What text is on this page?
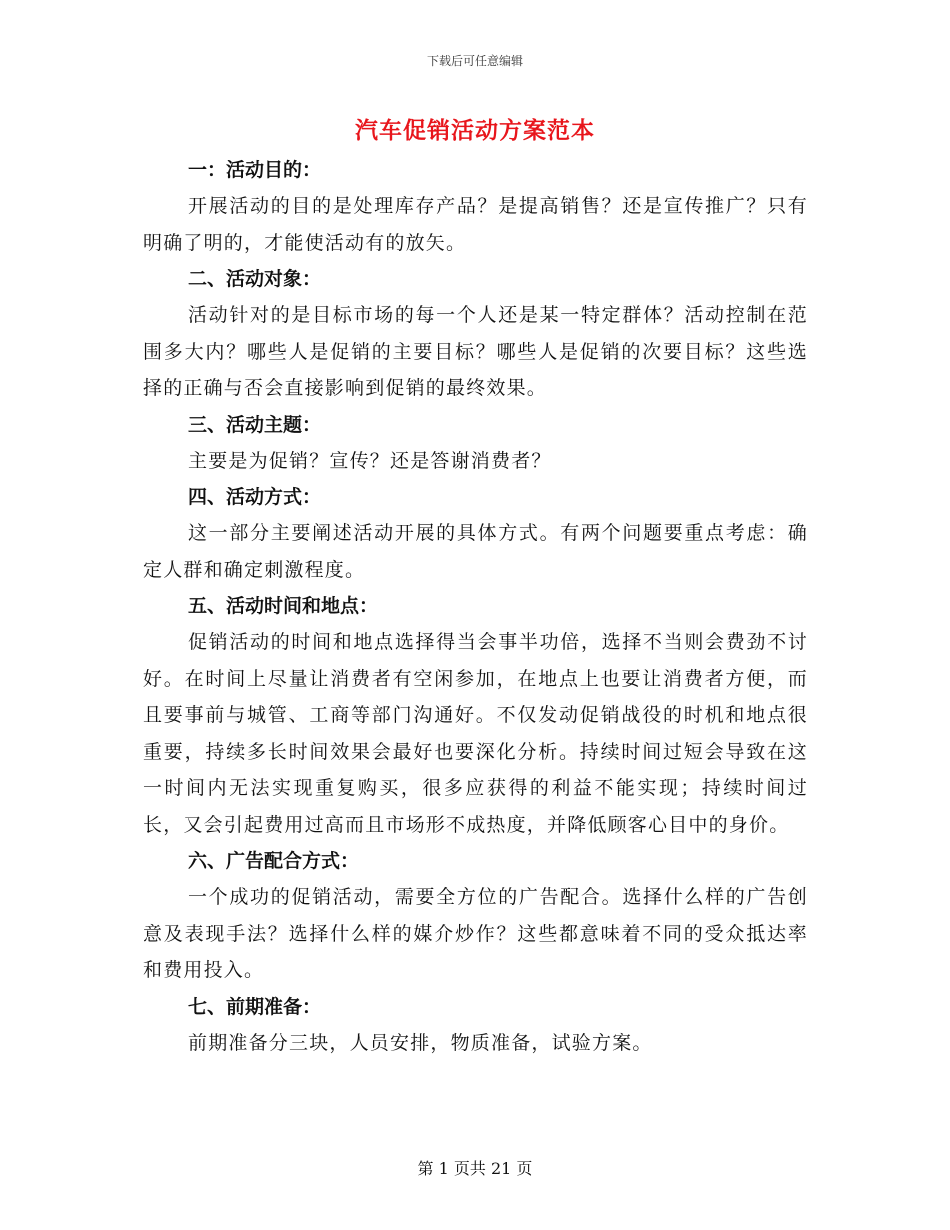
下载后可任意编辑
汽车促销活动方案范本

一：活动目的：

开展活动的目的是处理库存产品？是提高销售？还是宣传推广？只有明确了明的，才能使活动有的放矢。

二、活动对象：

活动针对的是目标市场的每一个人还是某一特定群体？活动控制在范围多大内？哪些人是促销的主要目标？哪些人是促销的次要目标？这些选择的正确与否会直接影响到促销的最终效果。

三、活动主题：

主要是为促销？宣传？还是答谢消费者？

四、活动方式：

这一部分主要阐述活动开展的具体方式。有两个问题要重点考虑：确定人群和确定刺激程度。

五、活动时间和地点：

促销活动的时间和地点选择得当会事半功倍，选择不当则会费劲不讨好。在时间上尽量让消费者有空闲参加，在地点上也要让消费者方便，而且要事前与城管、工商等部门沟通好。不仅发动促销战役的时机和地点很重要，持续多长时间效果会最好也要深化分析。持续时间过短会导致在这一时间内无法实现重复购买，很多应获得的利益不能实现；持续时间过长，又会引起费用过高而且市场形不成热度，并降低顾客心目中的身价。

六、广告配合方式：

一个成功的促销活动，需要全方位的广告配合。选择什么样的广告创意及表现手法？选择什么样的媒介炒作？这些都意味着不同的受众抵达率和费用投入。

七、前期准备：

前期准备分三块，人员安排，物质准备，试验方案。

第 1 页共 21 页
